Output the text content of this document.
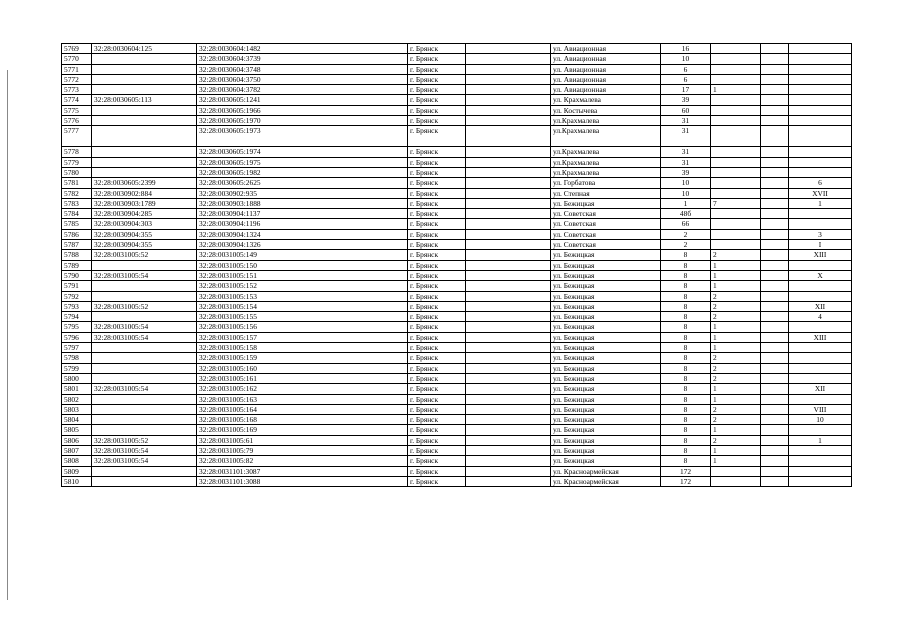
5769	32:28:0030604:125	32:28:0030604:1482	г. Брянск		ул. Авиационная	16			
5770		32:28:0030604:3739	г. Брянск		ул. Авиационная	10			
5771		32:28:0030604:3748	г. Брянск		ул. Авиационная	6			
5772		32:28:0030604:3750	г. Брянск		ул. Авиационная	6			
5773		32:28:0030604:3782	г. Брянск		ул. Авиационная	17	1		
5774	32:28:0030605:113	32:28:0030605:1241	г. Брянск		ул. Крахмалева	39			
5775		32:28:0030605:1966	г. Брянск		ул. Костычева	60			
5776		32:28:0030605:1970	г. Брянск		ул.Крахмалева	31			
5777		32:28:0030605:1973	г. Брянск		ул.Крахмалева	31			
5778		32:28:0030605:1974	г. Брянск		ул.Крахмалева	31			
5779		32:28:0030605:1975	г. Брянск		ул.Крахмалева	31			
5780		32:28:0030605:1982	г. Брянск		ул.Крахмалева	39			
5781	32:28:0030605:2399	32:28:0030605:2625	г. Брянск		ул. Горбатова	10			6
5782	32:28:0030902:884	32:28:0030902:935	г. Брянск		ул. Степная	10			XVII
5783	32:28:0030903:1789	32:28:0030903:1888	г. Брянск		ул. Бежицкая	1	7		1
5784	32:28:0030904:285	32:28:0030904:1137	г. Брянск		ул. Советская	48б			
5785	32:28:0030904:303	32:28:0030904:1196	г. Брянск		ул. Советская	66			
5786	32:28:0030904:355	32:28:0030904:1324	г. Брянск		ул. Советская	2			3
5787	32:28:0030904:355	32:28:0030904:1326	г. Брянск		ул. Советская	2			I
5788	32:28:0031005:52	32:28:0031005:149	г. Брянск		ул. Бежицкая	8	2		XIII
5789		32:28:0031005:150	г. Брянск		ул. Бежицкая	8	1		
5790	32:28:0031005:54	32:28:0031005:151	г. Брянск		ул. Бежицкая	8	1		X
5791		32:28:0031005:152	г. Брянск		ул. Бежицкая	8	1		
5792		32:28:0031005:153	г. Брянск		ул. Бежицкая	8	2		
5793	32:28:0031005:52	32:28:0031005:154	г. Брянск		ул. Бежицкая	8	2		XII
5794		32:28:0031005:155	г. Брянск		ул. Бежицкая	8	2		4
5795	32:28:0031005:54	32:28:0031005:156	г. Брянск		ул. Бежицкая	8	1		
5796	32:28:0031005:54	32:28:0031005:157	г. Брянск		ул. Бежицкая	8	1		XIII
5797		32:28:0031005:158	г. Брянск		ул. Бежицкая	8	1		
5798		32:28:0031005:159	г. Брянск		ул. Бежицкая	8	2		
5799		32:28:0031005:160	г. Брянск		ул. Бежицкая	8	2		
5800		32:28:0031005:161	г. Брянск		ул. Бежицкая	8	2		
5801	32:28:0031005:54	32:28:0031005:162	г. Брянск		ул. Бежицкая	8	1		XII
5802		32:28:0031005:163	г. Брянск		ул. Бежицкая	8	1		
5803		32:28:0031005:164	г. Брянск		ул. Бежицкая	8	2		VIII
5804		32:28:0031005:168	г. Брянск		ул. Бежицкая	8	2		10
5805		32:28:0031005:169	г. Брянск		ул. Бежицкая	8	1		
5806	32:28:0031005:52	32:28:0031005:61	г. Брянск		ул. Бежицкая	8	2		1
5807	32:28:0031005:54	32:28:0031005:79	г. Брянск		ул. Бежицкая	8	1		
5808	32:28:0031005:54	32:28:0031005:82	г. Брянск		ул. Бежицкая	8	1		
5809		32:28:0031101:3087	г. Брянск		ул. Красноармейская	172			
5810		32:28:0031101:3088	г. Брянск		ул. Красноармейская	172			
